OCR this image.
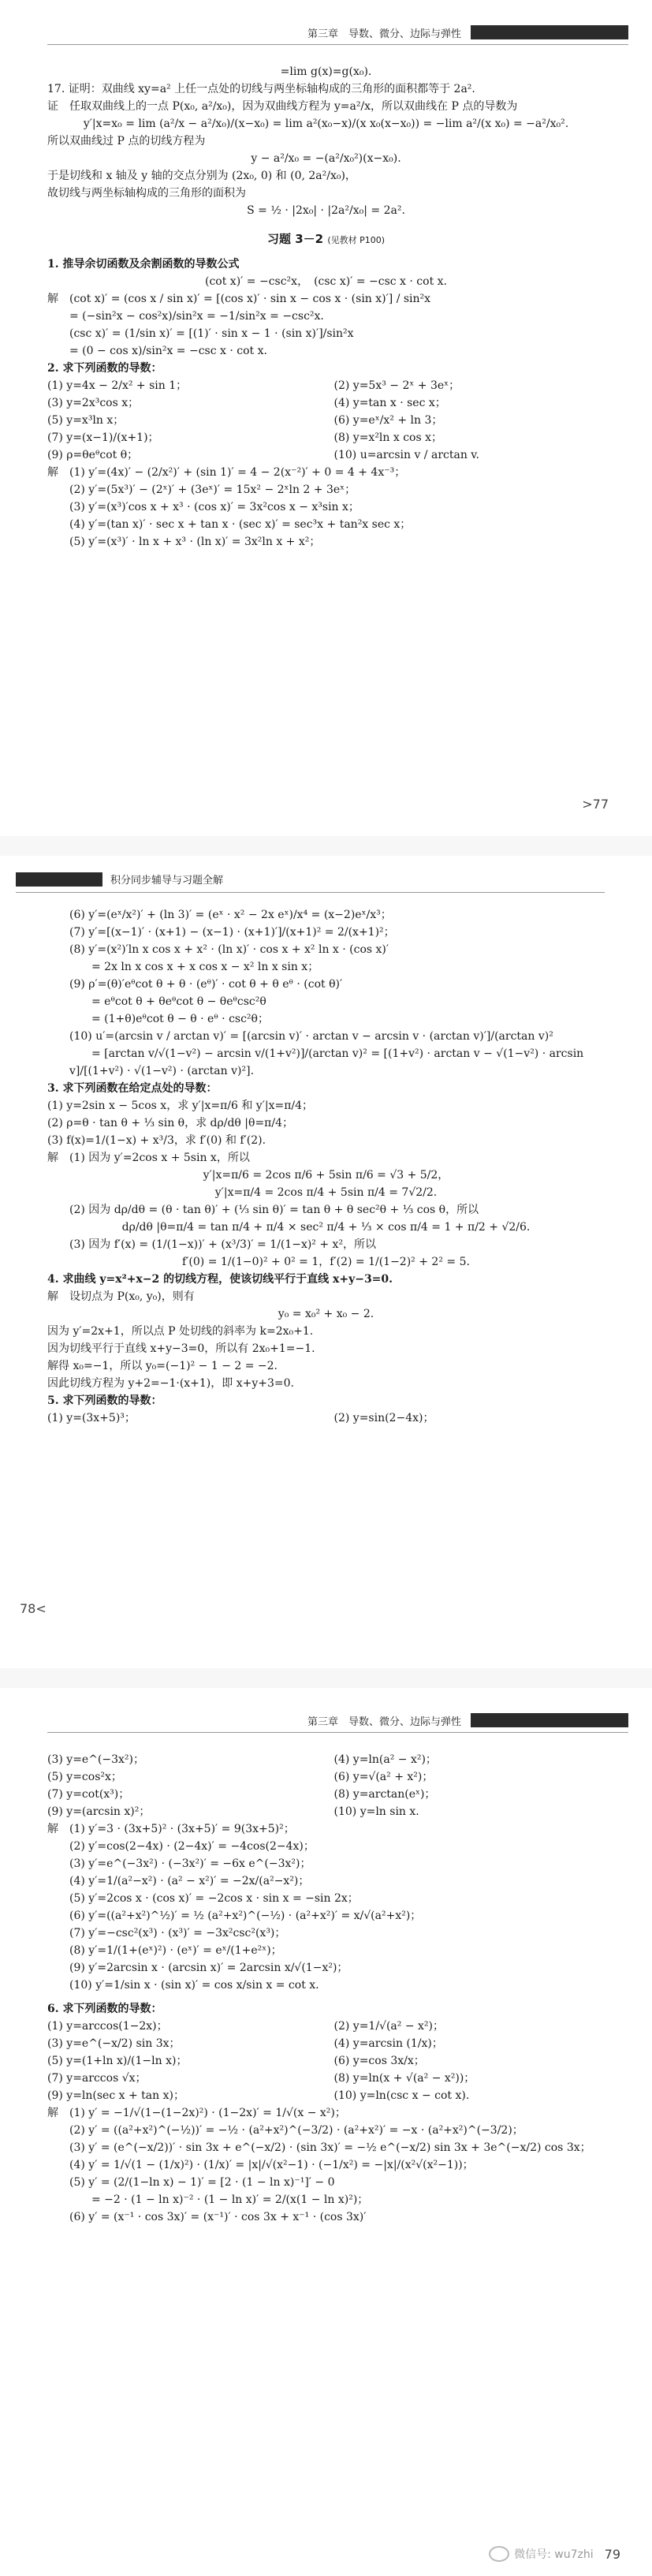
第三章　导数、微分、边际与弹性

=lim g(x)=g(x₀).

17. 证明：双曲线 xy=a² 上任一点处的切线与两坐标轴构成的三角形的面积都等于 2a².

证　任取双曲线上的一点 P(x₀, a²/x₀)，因为双曲线方程为 y=a²/x，所以双曲线在 P 点的导数为

y′|x=x₀ = lim (a²/x − a²/x₀)/(x−x₀) = lim a²(x₀−x)/(x x₀(x−x₀)) = −lim a²/(x x₀) = −a²/x₀².

所以双曲线过 P 点的切线方程为

y − a²/x₀ = −(a²/x₀²)(x−x₀).

于是切线和 x 轴及 y 轴的交点分别为 (2x₀, 0) 和 (0, 2a²/x₀)，

故切线与两坐标轴构成的三角形的面积为

S = ½ · |2x₀| · |2a²/x₀| = 2a².

习题 3－2 (见教材 P100)

1. 推导余切函数及余割函数的导数公式

(cot x)′ = −csc²x，　(csc x)′ = −csc x · cot x.

解　(cot x)′ = (cos x / sin x)′ = [(cos x)′ · sin x − cos x · (sin x)′] / sin²x

= (−sin²x − cos²x)/sin²x = −1/sin²x = −csc²x.

(csc x)′ = (1/sin x)′ = [(1)′ · sin x − 1 · (sin x)′]/sin²x

= (0 − cos x)/sin²x = −csc x · cot x.

2. 求下列函数的导数：

(1) y=4x − 2/x² + sin 1；	(2) y=5x³ − 2ˣ + 3eˣ；

(3) y=2x³cos x；	(4) y=tan x · sec x；

(5) y=x³ln x；	(6) y=eˣ/x² + ln 3；

(7) y=(x−1)/(x+1)；	(8) y=x²ln x cos x；

(9) ρ=θeᶿcot θ；	(10) u=arcsin v / arctan v.

解　(1) y′=(4x)′ − (2/x²)′ + (sin 1)′ = 4 − 2(x⁻²)′ + 0 = 4 + 4x⁻³；

(2) y′=(5x³)′ − (2ˣ)′ + (3eˣ)′ = 15x² − 2ˣln 2 + 3eˣ；

(3) y′=(x³)′cos x + x³ · (cos x)′ = 3x²cos x − x³sin x；

(4) y′=(tan x)′ · sec x + tan x · (sec x)′ = sec³x + tan²x sec x；

(5) y′=(x³)′ · ln x + x³ · (ln x)′ = 3x²ln x + x²；

>77
积分同步辅导与习题全解

(6) y′=(eˣ/x²)′ + (ln 3)′ = (eˣ · x² − 2x eˣ)/x⁴ = (x−2)eˣ/x³；

(7) y′=[(x−1)′ · (x+1) − (x−1) · (x+1)′]/(x+1)² = 2/(x+1)²；

(8) y′=(x²)′ln x cos x + x² · (ln x)′ · cos x + x² ln x · (cos x)′

　　= 2x ln x cos x + x cos x − x² ln x sin x；

(9) ρ′=(θ)′eᶿcot θ + θ · (eᶿ)′ · cot θ + θ eᶿ · (cot θ)′

　　= eᶿcot θ + θeᶿcot θ − θeᶿcsc²θ

　　= (1+θ)eᶿcot θ − θ · eᶿ · csc²θ；

(10) u′=(arcsin v / arctan v)′ = [(arcsin v)′ · arctan v − arcsin v · (arctan v)′]/(arctan v)²

　　= [arctan v/√(1−v²) − arcsin v/(1+v²)]/(arctan v)² = [(1+v²) · arctan v − √(1−v²) · arcsin v]/[(1+v²) · √(1−v²) · (arctan v)²].

3. 求下列函数在给定点处的导数：

(1) y=2sin x − 5cos x，求 y′|x=π/6 和 y′|x=π/4；

(2) ρ=θ · tan θ + ⅓ sin θ，求 dρ/dθ |θ=π/4；

(3) f(x)=1/(1−x) + x³/3，求 f′(0) 和 f′(2).

解　(1) 因为 y′=2cos x + 5sin x，所以

y′|x=π/6 = 2cos π/6 + 5sin π/6 = √3 + 5/2，

y′|x=π/4 = 2cos π/4 + 5sin π/4 = 7√2/2.

(2) 因为 dρ/dθ = (θ · tan θ)′ + (⅓ sin θ)′ = tan θ + θ sec²θ + ⅓ cos θ，所以

dρ/dθ |θ=π/4 = tan π/4 + π/4 × sec² π/4 + ⅓ × cos π/4 = 1 + π/2 + √2/6.

(3) 因为 f′(x) = (1/(1−x))′ + (x³/3)′ = 1/(1−x)² + x²，所以

f′(0) = 1/(1−0)² + 0² = 1，f′(2) = 1/(1−2)² + 2² = 5.

4. 求曲线 y=x²+x−2 的切线方程，使该切线平行于直线 x+y−3=0.

解　设切点为 P(x₀, y₀)，则有

y₀ = x₀² + x₀ − 2.

因为 y′=2x+1，所以点 P 处切线的斜率为 k=2x₀+1.

因为切线平行于直线 x+y−3=0，所以有 2x₀+1=−1.

解得 x₀=−1，所以 y₀=(−1)² − 1 − 2 = −2.

因此切线方程为 y+2=−1·(x+1)，即 x+y+3=0.

5. 求下列函数的导数：

(1) y=(3x+5)³；	(2) y=sin(2−4x)；

78<
第三章　导数、微分、边际与弹性

(3) y=e^(−3x²)；	(4) y=ln(a² − x²)；

(5) y=cos²x；	(6) y=√(a² + x²)；

(7) y=cot(x³)；	(8) y=arctan(eˣ)；

(9) y=(arcsin x)²；	(10) y=ln sin x.

解　(1) y′=3 · (3x+5)² · (3x+5)′ = 9(3x+5)²；

(2) y′=cos(2−4x) · (2−4x)′ = −4cos(2−4x)；

(3) y′=e^(−3x²) · (−3x²)′ = −6x e^(−3x²)；

(4) y′=1/(a²−x²) · (a² − x²)′ = −2x/(a²−x²)；

(5) y′=2cos x · (cos x)′ = −2cos x · sin x = −sin 2x；

(6) y′=((a²+x²)^½)′ = ½ (a²+x²)^(−½) · (a²+x²)′ = x/√(a²+x²)；

(7) y′=−csc²(x³) · (x³)′ = −3x²csc²(x³)；

(8) y′=1/(1+(eˣ)²) · (eˣ)′ = eˣ/(1+e²ˣ)；

(9) y′=2arcsin x · (arcsin x)′ = 2arcsin x/√(1−x²)；

(10) y′=1/sin x · (sin x)′ = cos x/sin x = cot x.

6. 求下列函数的导数：

(1) y=arccos(1−2x)；	(2) y=1/√(a² − x²)；

(3) y=e^(−x/2) sin 3x；	(4) y=arcsin (1/x)；

(5) y=(1+ln x)/(1−ln x)；	(6) y=cos 3x/x；

(7) y=arccos √x；	(8) y=ln(x + √(a² − x²))；

(9) y=ln(sec x + tan x)；	(10) y=ln(csc x − cot x).

解　(1) y′ = −1/√(1−(1−2x)²) · (1−2x)′ = 1/√(x − x²)；

(2) y′ = ((a²+x²)^(−½))′ = −½ · (a²+x²)^(−3/2) · (a²+x²)′ = −x · (a²+x²)^(−3/2)；

(3) y′ = (e^(−x/2))′ · sin 3x + e^(−x/2) · (sin 3x)′ = −½ e^(−x/2) sin 3x + 3e^(−x/2) cos 3x；

(4) y′ = 1/√(1 − (1/x)²) · (1/x)′ = |x|/√(x²−1) · (−1/x²) = −|x|/(x²√(x²−1))；

(5) y′ = (2/(1−ln x) − 1)′ = [2 · (1 − ln x)⁻¹]′ − 0

　　= −2 · (1 − ln x)⁻² · (1 − ln x)′ = 2/(x(1 − ln x)²)；

(6) y′ = (x⁻¹ · cos 3x)′ = (x⁻¹)′ · cos 3x + x⁻¹ · (cos 3x)′

微信号: wu7zhi 79
